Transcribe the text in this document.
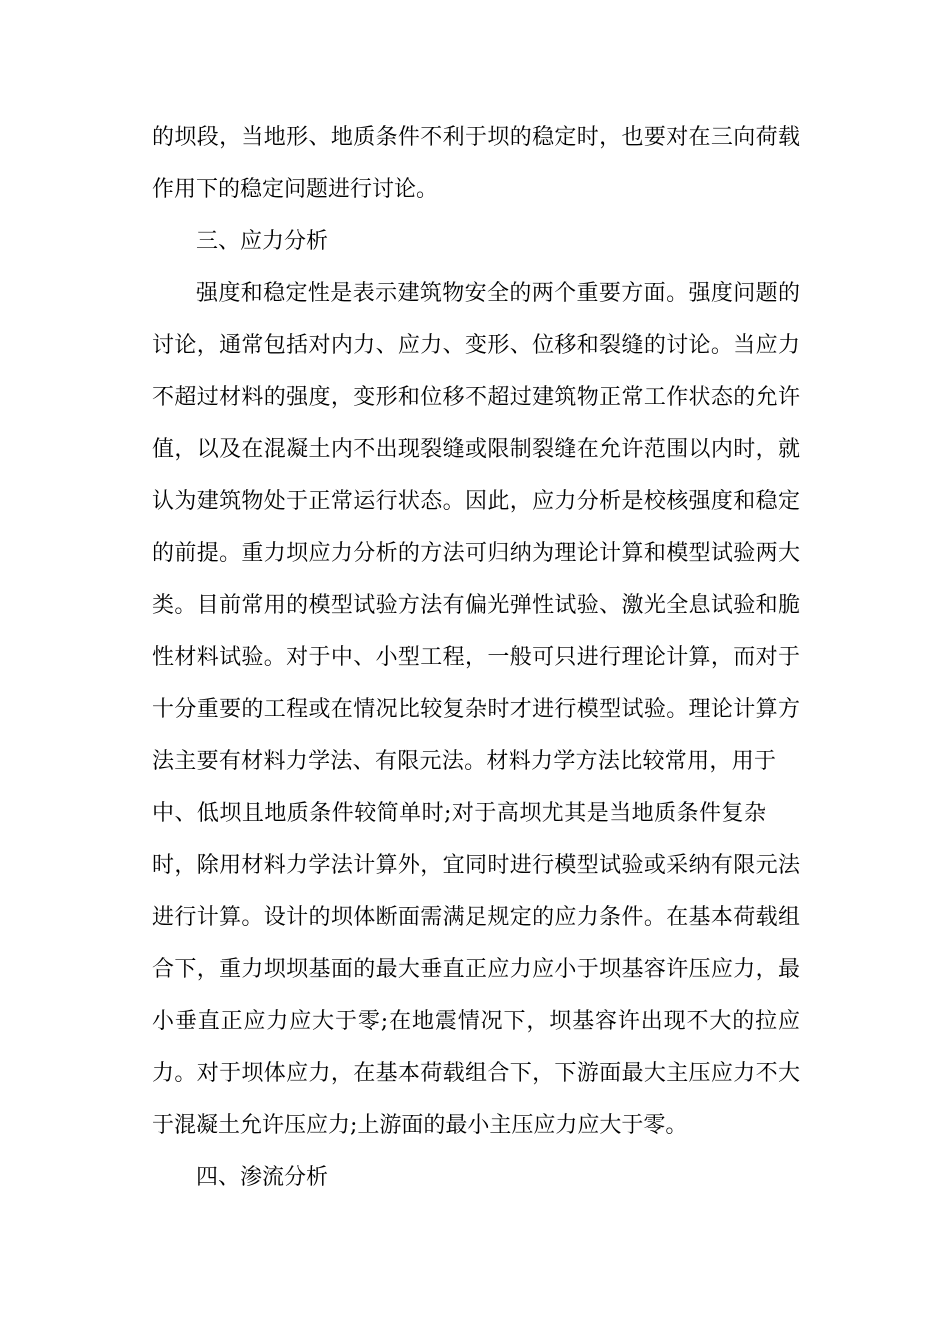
的坝段，当地形、地质条件不利于坝的稳定时，也要对在三向荷载

作用下的稳定问题进行讨论。

三、应力分析

强度和稳定性是表示建筑物安全的两个重要方面。强度问题的

讨论，通常包括对内力、应力、变形、位移和裂缝的讨论。当应力

不超过材料的强度，变形和位移不超过建筑物正常工作状态的允许

值，以及在混凝土内不出现裂缝或限制裂缝在允许范围以内时，就

认为建筑物处于正常运行状态。因此，应力分析是校核强度和稳定

的前提。重力坝应力分析的方法可归纳为理论计算和模型试验两大

类。目前常用的模型试验方法有偏光弹性试验、激光全息试验和脆

性材料试验。对于中、小型工程，一般可只进行理论计算，而对于

十分重要的工程或在情况比较复杂时才进行模型试验。理论计算方

法主要有材料力学法、有限元法。材料力学方法比较常用，用于

中、低坝且地质条件较简单时;对于高坝尤其是当地质条件复杂

时，除用材料力学法计算外，宜同时进行模型试验或采纳有限元法

进行计算。设计的坝体断面需满足规定的应力条件。在基本荷载组

合下，重力坝坝基面的最大垂直正应力应小于坝基容许压应力，最

小垂直正应力应大于零;在地震情况下，坝基容许出现不大的拉应

力。对于坝体应力，在基本荷载组合下，下游面最大主压应力不大

于混凝土允许压应力;上游面的最小主压应力应大于零。

四、渗流分析
